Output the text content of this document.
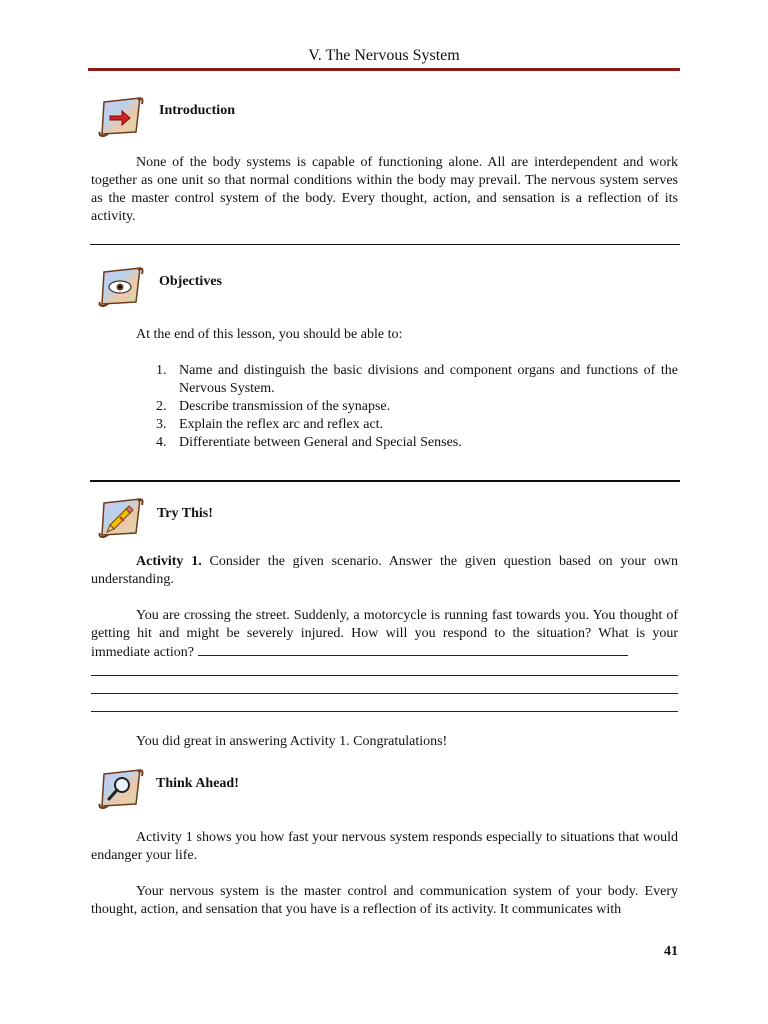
V. The Nervous System
Introduction
None of the body systems is capable of functioning alone. All are interdependent and work together as one unit so that normal conditions within the body may prevail. The nervous system serves as the master control system of the body. Every thought, action, and sensation is a reflection of its activity.
Objectives
At the end of this lesson, you should be able to:
1. Name and distinguish the basic divisions and component organs and functions of the Nervous System.
2. Describe transmission of the synapse.
3. Explain the reflex arc and reflex act.
4. Differentiate between General and Special Senses.
Try This!
Activity 1. Consider the given scenario. Answer the given question based on your own understanding.
You are crossing the street. Suddenly, a motorcycle is running fast towards you. You thought of getting hit and might be severely injured. How will you respond to the situation? What is your immediate action?
You did great in answering Activity 1. Congratulations!
Think Ahead!
Activity 1 shows you how fast your nervous system responds especially to situations that would endanger your life.
Your nervous system is the master control and communication system of your body. Every thought, action, and sensation that you have is a reflection of its activity. It communicates with
41
